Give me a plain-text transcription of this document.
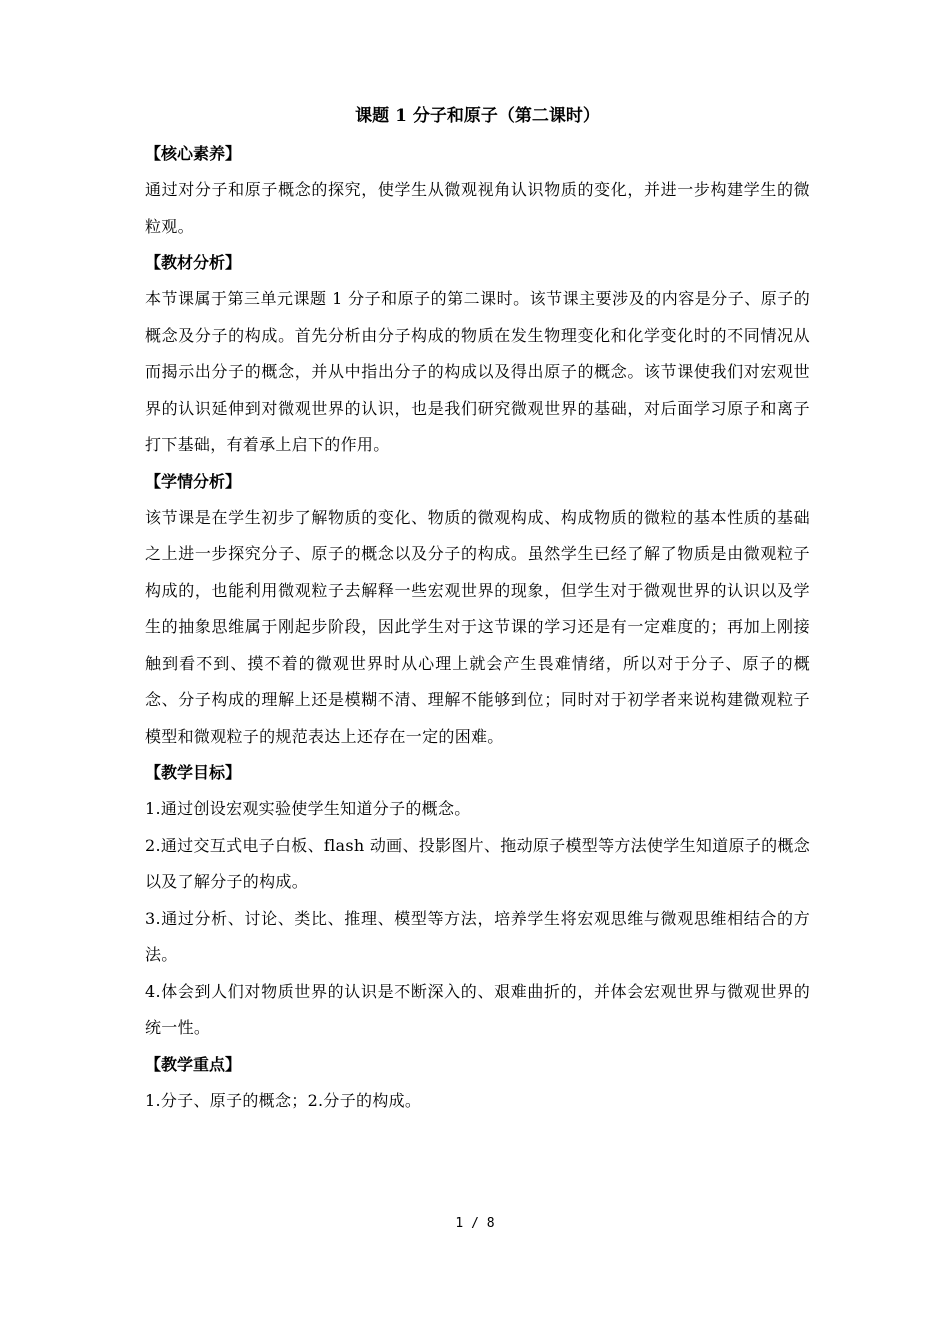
课题 1 分子和原子（第二课时）

【核心素养】

通过对分子和原子概念的探究，使学生从微观视角认识物质的变化，并进一步构建学生的微粒观。

【教材分析】

本节课属于第三单元课题 1 分子和原子的第二课时。该节课主要涉及的内容是分子、原子的概念及分子的构成。首先分析由分子构成的物质在发生物理变化和化学变化时的不同情况从而揭示出分子的概念，并从中指出分子的构成以及得出原子的概念。该节课使我们对宏观世界的认识延伸到对微观世界的认识，也是我们研究微观世界的基础，对后面学习原子和离子打下基础，有着承上启下的作用。

【学情分析】

该节课是在学生初步了解物质的变化、物质的微观构成、构成物质的微粒的基本性质的基础之上进一步探究分子、原子的概念以及分子的构成。虽然学生已经了解了物质是由微观粒子构成的，也能利用微观粒子去解释一些宏观世界的现象，但学生对于微观世界的认识以及学生的抽象思维属于刚起步阶段，因此学生对于这节课的学习还是有一定难度的；再加上刚接触到看不到、摸不着的微观世界时从心理上就会产生畏难情绪，所以对于分子、原子的概念、分子构成的理解上还是模糊不清、理解不能够到位；同时对于初学者来说构建微观粒子模型和微观粒子的规范表达上还存在一定的困难。

【教学目标】

1.通过创设宏观实验使学生知道分子的概念。

2.通过交互式电子白板、flash 动画、投影图片、拖动原子模型等方法使学生知道原子的概念以及了解分子的构成。

3.通过分析、讨论、类比、推理、模型等方法，培养学生将宏观思维与微观思维相结合的方法。

4.体会到人们对物质世界的认识是不断深入的、艰难曲折的，并体会宏观世界与微观世界的统一性。

【教学重点】

1.分子、原子的概念；2.分子的构成。

1 / 8
